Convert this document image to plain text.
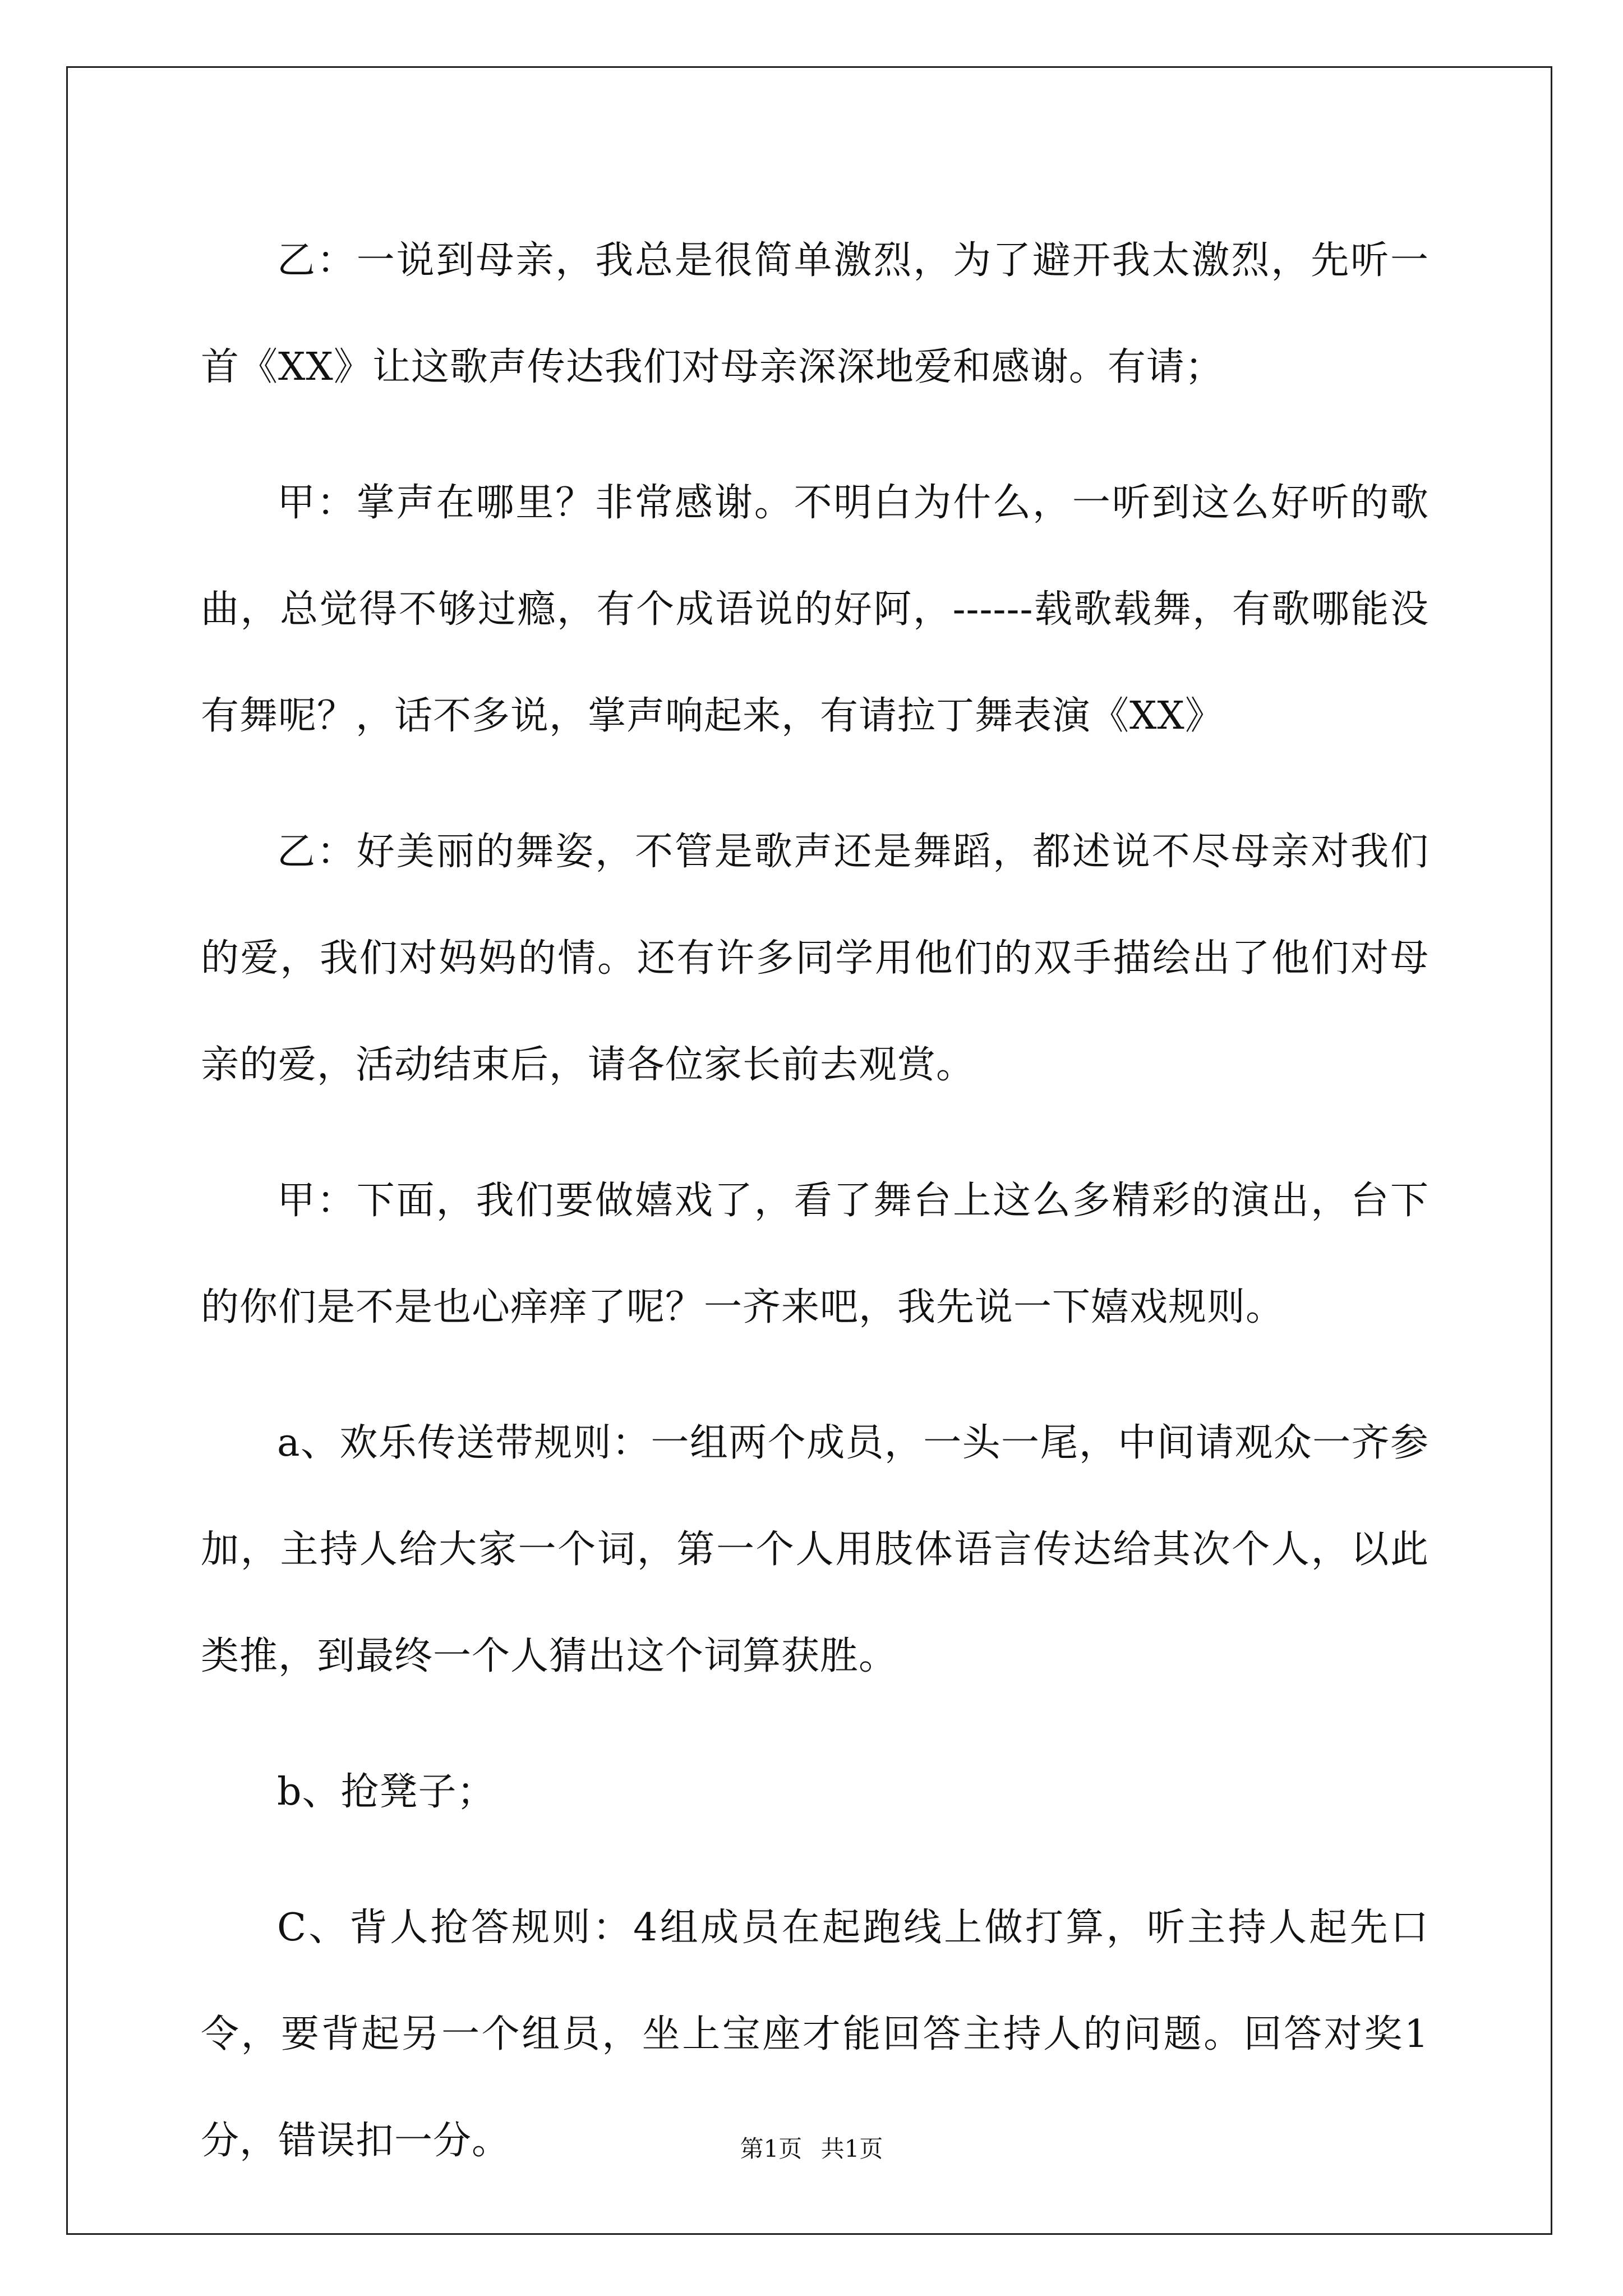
乙：一说到母亲，我总是很简单激烈，为了避开我太激烈，先听一首《XX》让这歌声传达我们对母亲深深地爱和感谢。有请；

甲：掌声在哪里？非常感谢。不明白为什么，一听到这么好听的歌曲，总觉得不够过瘾，有个成语说的好阿，------载歌载舞，有歌哪能没有舞呢？，话不多说，掌声响起来，有请拉丁舞表演《XX》

乙：好美丽的舞姿，不管是歌声还是舞蹈，都述说不尽母亲对我们的爱，我们对妈妈的情。还有许多同学用他们的双手描绘出了他们对母亲的爱，活动结束后，请各位家长前去观赏。

甲：下面，我们要做嬉戏了，看了舞台上这么多精彩的演出，台下的你们是不是也心痒痒了呢？一齐来吧，我先说一下嬉戏规则。

a、欢乐传送带规则：一组两个成员，一头一尾，中间请观众一齐参加，主持人给大家一个词，第一个人用肢体语言传达给其次个人，以此类推，到最终一个人猜出这个词算获胜。

b、抢凳子；

C、背人抢答规则：4组成员在起跑线上做打算，听主持人起先口令，要背起另一个组员，坐上宝座才能回答主持人的问题。回答对奖1分，错误扣一分。	第1页 共1页
